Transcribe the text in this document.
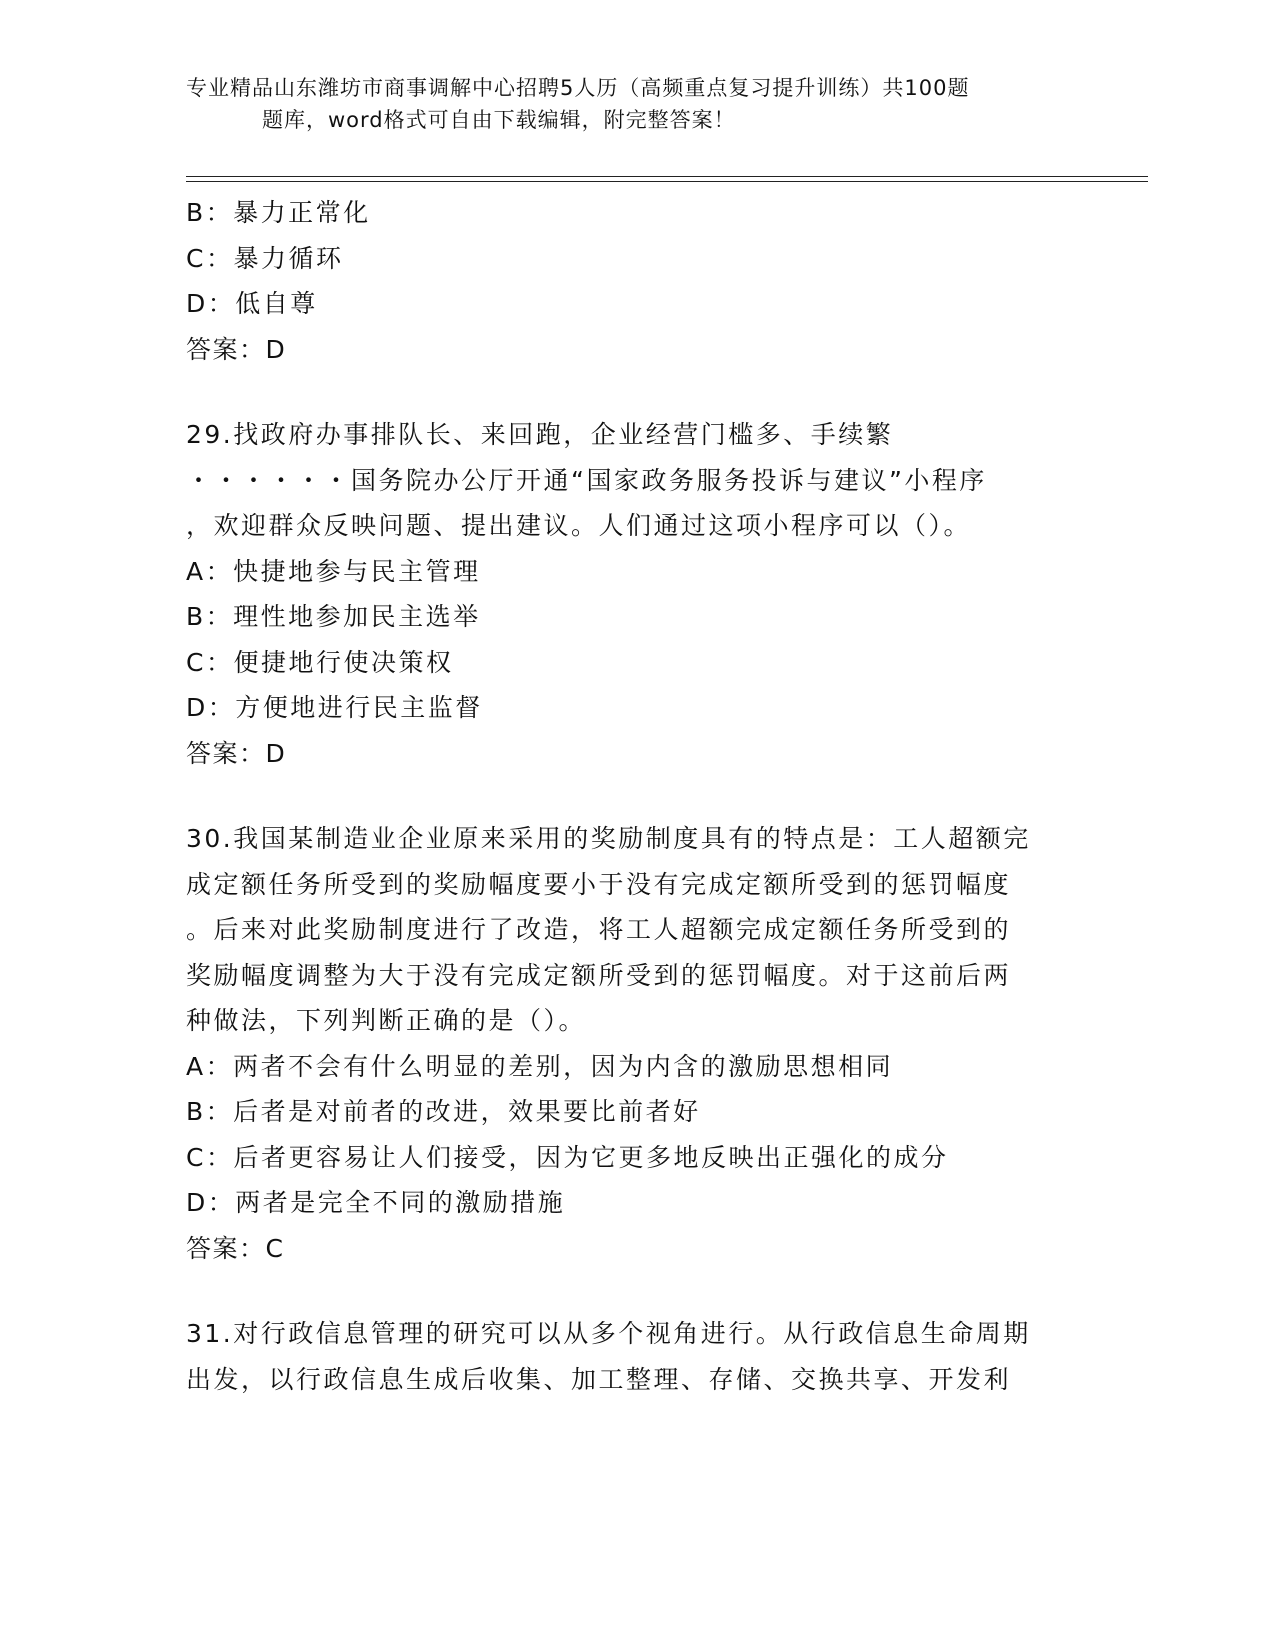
专业精品山东潍坊市商事调解中心招聘5人历（高频重点复习提升训练）共100题
题库，word格式可自由下载编辑，附完整答案！
B：暴力正常化
C：暴力循环
D：低自尊
答案：D
29.找政府办事排队长、来回跑，企业经营门槛多、手续繁
・・・・・・国务院办公厅开通“国家政务服务投诉与建议”小程序
，欢迎群众反映问题、提出建议。人们通过这项小程序可以（）。
A：快捷地参与民主管理
B：理性地参加民主选举
C：便捷地行使决策权
D：方便地进行民主监督
答案：D
30.我国某制造业企业原来采用的奖励制度具有的特点是：工人超额完
成定额任务所受到的奖励幅度要小于没有完成定额所受到的惩罚幅度
。后来对此奖励制度进行了改造，将工人超额完成定额任务所受到的
奖励幅度调整为大于没有完成定额所受到的惩罚幅度。对于这前后两
种做法，下列判断正确的是（）。
A：两者不会有什么明显的差别，因为内含的激励思想相同
B：后者是对前者的改进，效果要比前者好
C：后者更容易让人们接受，因为它更多地反映出正强化的成分
D：两者是完全不同的激励措施
答案：C
31.对行政信息管理的研究可以从多个视角进行。从行政信息生命周期
出发，以行政信息生成后收集、加工整理、存储、交换共享、开发利
